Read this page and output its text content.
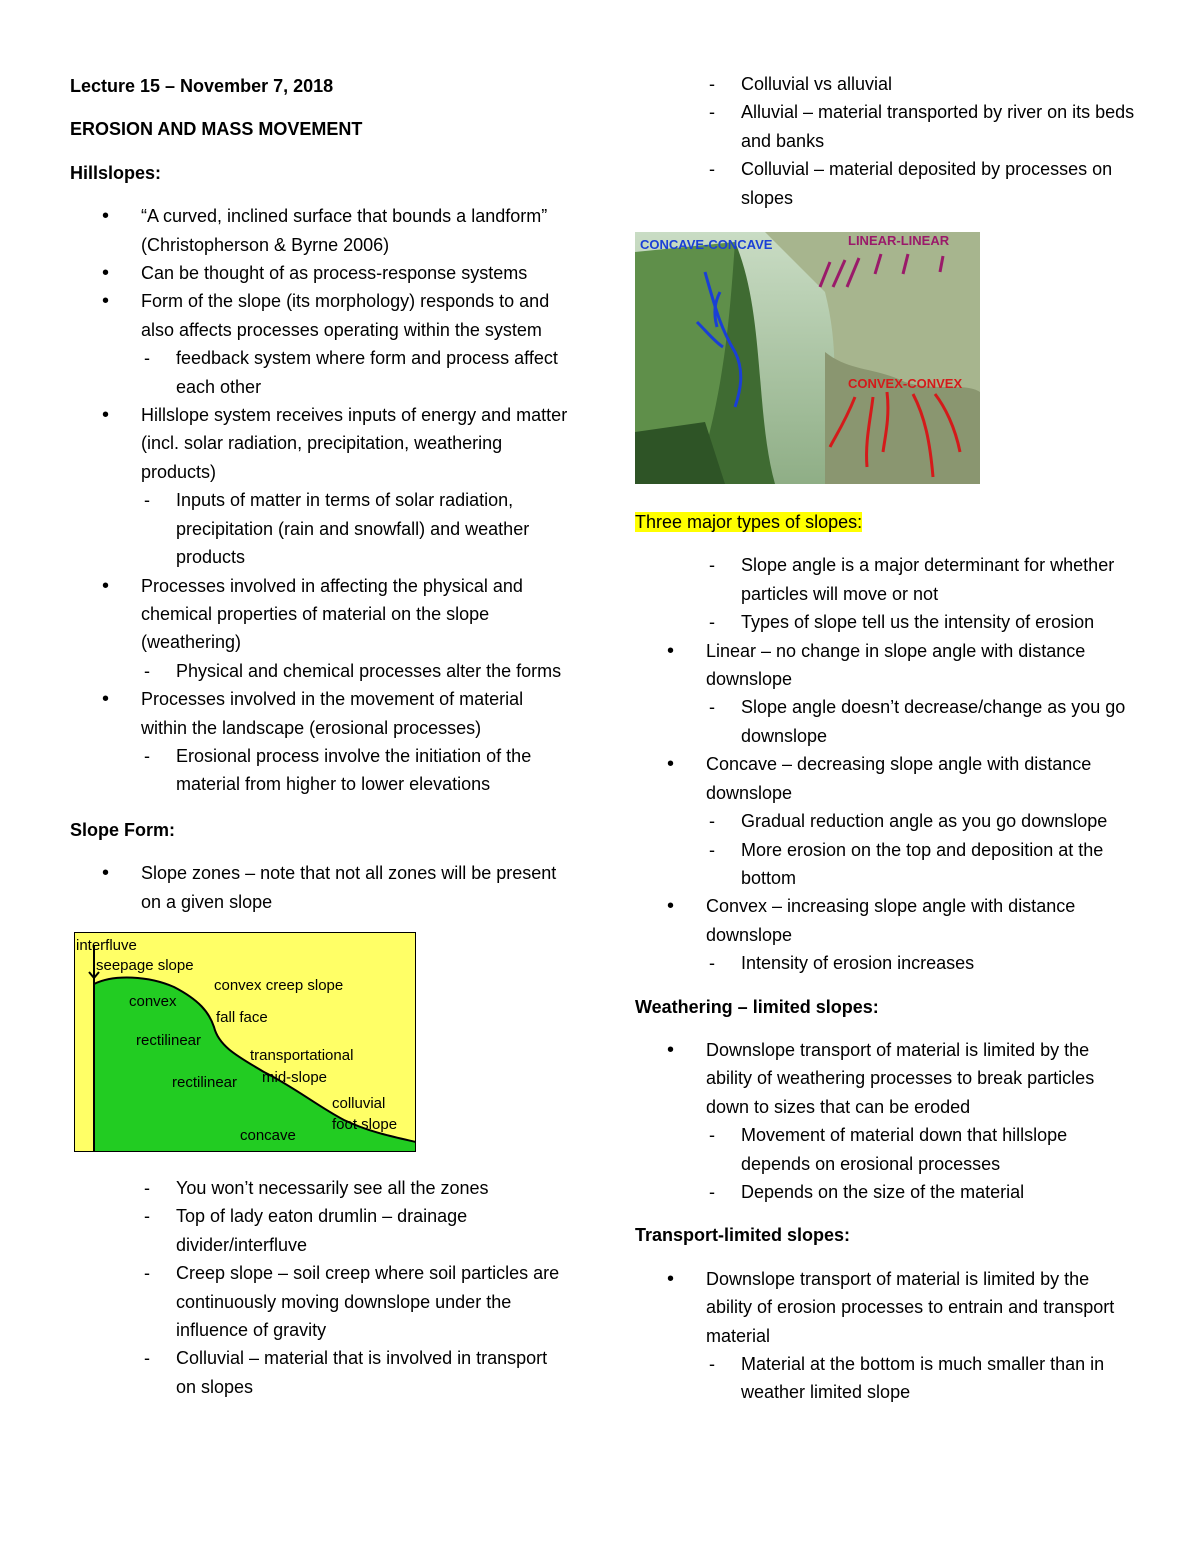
Lecture 15 – November 7, 2018

EROSION AND MASS MOVEMENT

Hillslopes:

• “A curved, inclined surface that bounds a landform” (Christopherson & Byrne 2006)
• Can be thought of as process-response systems
• Form of the slope (its morphology) responds to and also affects processes operating within the system
- feedback system where form and process affect each other
• Hillslope system receives inputs of energy and matter (incl. solar radiation, precipitation, weathering products)
- Inputs of matter in terms of solar radiation, precipitation (rain and snowfall) and weather products
• Processes involved in affecting the physical and chemical properties of material on the slope (weathering)
- Physical and chemical processes alter the forms
• Processes involved in the movement of material within the landscape (erosional processes)
- Erosional process involve the initiation of the material from higher to lower elevations

Slope Form:

• Slope zones – note that not all zones will be present on a given slope
interfluve
seepage slope
convex creep slope
convex
fall face
rectilinear
transportational
mid-slope
rectilinear
colluvial
foot slope
concave
- You won’t necessarily see all the zones
- Top of lady eaton drumlin – drainage divider/interfluve
- Creep slope – soil creep where soil particles are continuously moving downslope under the influence of gravity
- Colluvial – material that is involved in transport on slopes
- Colluvial vs alluvial
- Alluvial – material transported by river on its beds and banks
- Colluvial – material deposited by processes on slopes
CONCAVE-CONCAVE	LINEAR-LINEAR
CONVEX-CONVEX

Three major types of slopes:

- Slope angle is a major determinant for whether particles will move or not
- Types of slope tell us the intensity of erosion
• Linear – no change in slope angle with distance downslope
- Slope angle doesn’t decrease/change as you go downslope
• Concave – decreasing slope angle with distance downslope
- Gradual reduction angle as you go downslope
- More erosion on the top and deposition at the bottom
• Convex – increasing slope angle with distance downslope
- Intensity of erosion increases

Weathering – limited slopes:

• Downslope transport of material is limited by the ability of weathering processes to break particles down to sizes that can be eroded
- Movement of material down that hillslope depends on erosional processes
- Depends on the size of the material

Transport-limited slopes:

• Downslope transport of material is limited by the ability of erosion processes to entrain and transport material
- Material at the bottom is much smaller than in weather limited slope
